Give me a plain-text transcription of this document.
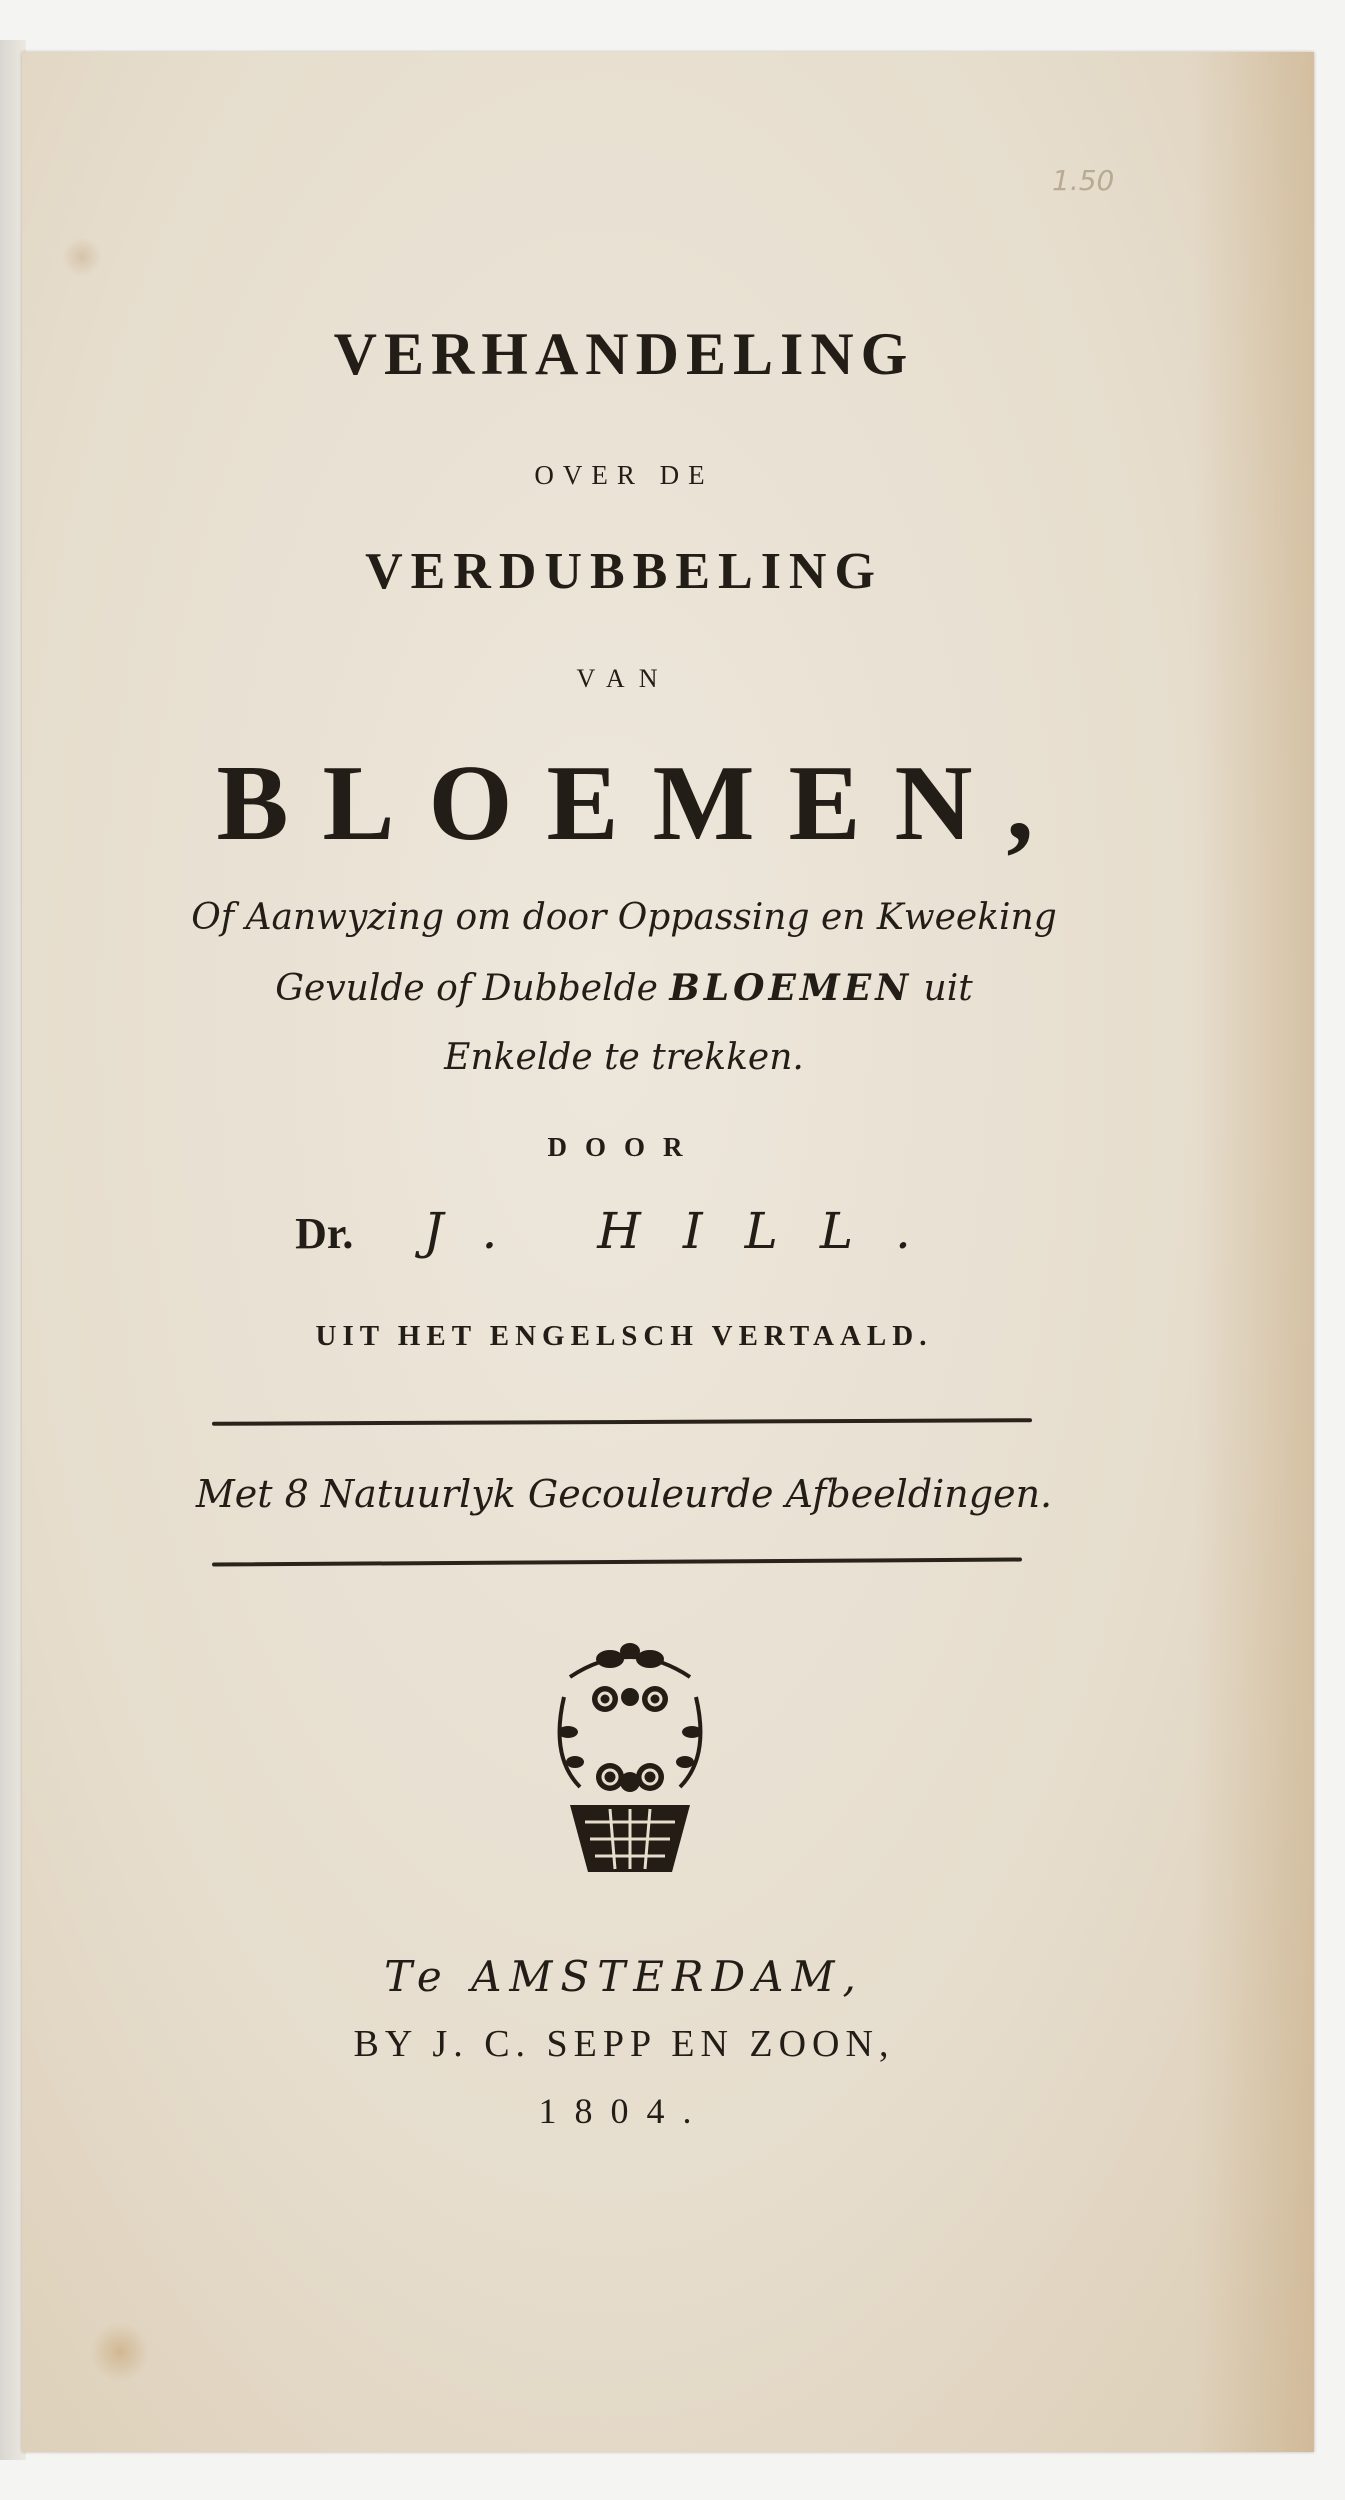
1.50
VERHANDELING
OVER DE
VERDUBBELING
VAN
BLOEMEN,
Of Aanwyzing om door Oppassing en Kweeking
Gevulde of Dubbelde BLOEMEN uit
Enkelde te trekken.
DOOR
Dr. J. HILL.
UIT HET ENGELSCH VERTAALD.
Met 8 Natuurlyk Gecouleurde Afbeeldingen.
Te AMSTERDAM,
BY J. C. SEPP EN ZOON,
1804.
